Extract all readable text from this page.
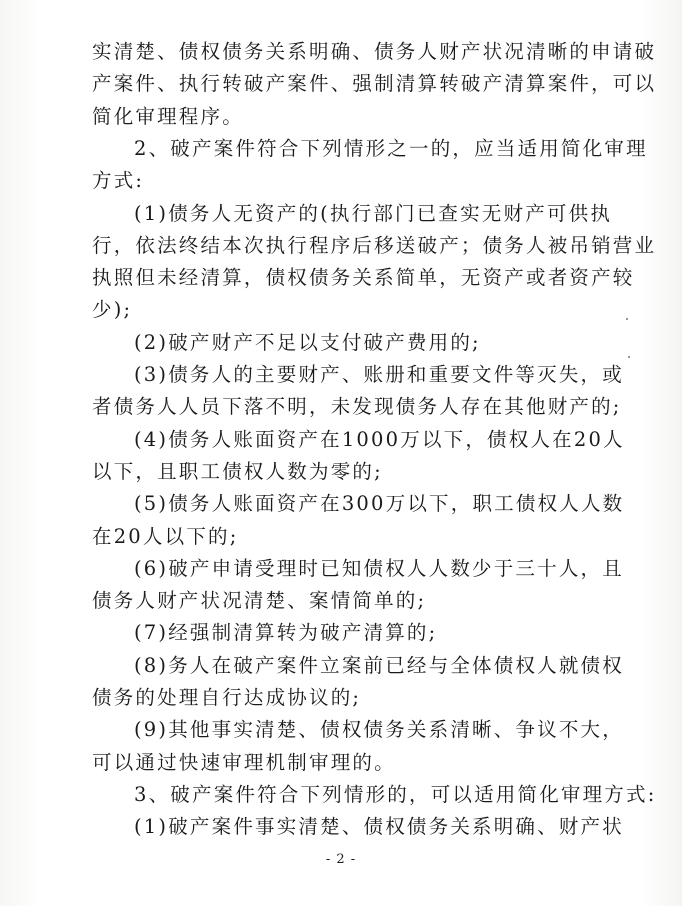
实清楚、债权债务关系明确、债务人财产状况清晰的申请破
产案件、执行转破产案件、强制清算转破产清算案件，可以
简化审理程序。
2、破产案件符合下列情形之一的，应当适用简化审理
方式:
(1)债务人无资产的(执行部门已查实无财产可供执
行，依法终结本次执行程序后移送破产；债务人被吊销营业
执照但未经清算，债权债务关系简单，无资产或者资产较
少);
(2)破产财产不足以支付破产费用的;
(3)债务人的主要财产、账册和重要文件等灭失，或
者债务人人员下落不明，未发现债务人存在其他财产的;
(4)债务人账面资产在1000万以下，债权人在20人
以下，且职工债权人数为零的;
(5)债务人账面资产在300万以下，职工债权人人数
在20人以下的;
(6)破产申请受理时已知债权人人数少于三十人，且
债务人财产状况清楚、案情简单的;
(7)经强制清算转为破产清算的;
(8)务人在破产案件立案前已经与全体债权人就债权
债务的处理自行达成协议的;
(9)其他事实清楚、债权债务关系清晰、争议不大，
可以通过快速审理机制审理的。
3、破产案件符合下列情形的，可以适用简化审理方式:
(1)破产案件事实清楚、债权债务关系明确、财产状
- 2 -
